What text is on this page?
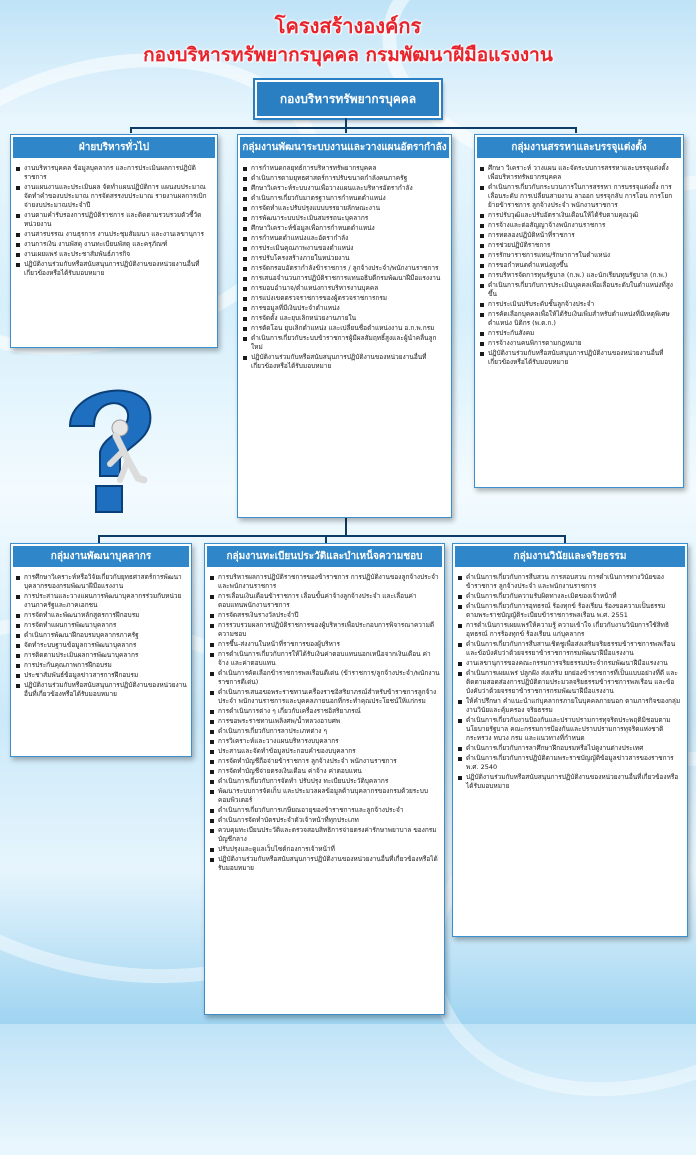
โครงสร้างองค์กร
กองบริหารทรัพยากรบุคคล กรมพัฒนาฝีมือแรงงาน
กองบริหารทรัพยากรบุคคล
ฝ่ายบริหารทั่วไป
งานบริหารบุคคล ข้อมูลบุคลากร และการประเมินผลการปฏิบัติราชการ
งานแผนงานและประเมินผล จัดทำแผนปฏิบัติการ แผนงบประมาณ จัดทำคำของบประมาณ การจัดสรรงบประมาณ รายงานผลการเบิกจ่ายงบประมาณประจำปี
งานตามคำรับรองการปฏิบัติราชการ และติดตามรวบรวมตัวชี้วัดหน่วยงาน
งานสารบรรณ งานธุรการ งานประชุมสัมมนา และงานเลขานุการ
งานการเงิน งานพัสดุ งานทะเบียนพัสดุ และครุภัณฑ์
งานเผยแพร่ และประชาสัมพันธ์ภารกิจ
ปฏิบัติงานร่วมกับหรือสนับสนุนการปฏิบัติงานของหน่วยงานอื่นที่เกี่ยวข้องหรือได้รับมอบหมาย
กลุ่มงานพัฒนาระบบงานและวางแผนอัตรากำลัง
การกำหนดกลยุทธ์การบริหารทรัพยากรบุคคล
ดำเนินการตามยุทธศาสตร์การปรับขนาดกำลังคนภาครัฐ
ศึกษาวิเคราะห์ระบบงานเพื่อวางแผนและบริหารอัตรากำลัง
ดำเนินการเกี่ยวกับมาตรฐานการกำหนดตำแหน่ง
การจัดทำและปรับปรุงแบบบรรยายลักษณะงาน
การพัฒนาระบบประเมินสมรรถนะบุคลากร
ศึกษาวิเคราะห์ข้อมูลเพื่อการกำหนดตำแหน่ง
การกำหนดตำแหน่งและอัตรากำลัง
การประเมินคุณภาพงานของตำแหน่ง
การปรับโครงสร้างภายในหน่วยงาน
การจัดกรอบอัตรากำลังข้าราชการ / ลูกจ้างประจำ/พนักงานราชการ
การเสนอจำนวนการปฏิบัติราชการแทนอธิบดีกรมพัฒนาฝีมือแรงงาน
การมอบอำนาจ/ตำแหน่งการบริหารงานบุคคล
การแบ่งเขตตรวจราชการของผู้ตรวจราชการกรม
การขอมูลที่มีเงินประจำตำแหน่ง
การจัดตั้ง และยุบเลิกหน่วยงานภายใน
การตัดโอน ยุบเลิกตำแหน่ง และเปลี่ยนชื่อตำแหน่งงาน อ.ก.พ.กรม
ดำเนินการเกี่ยวกับระบบข้าราชการผู้มีผลสัมฤทธิ์สูงและผู้นำคลื่นลูกใหม่
ปฏิบัติงานร่วมกับหรือสนับสนุนการปฏิบัติงานของหน่วยงานอื่นที่เกี่ยวข้องหรือได้รับมอบหมาย
กลุ่มงานสรรหาและบรรจุแต่งตั้ง
ศึกษา วิเคราะห์ วางแผน และจัดระบบการสรรหาและบรรจุแต่งตั้งเพื่อบริหารทรัพยากรบุคคล
ดำเนินการเกี่ยวกับกระบวนการในการสรรหา การบรรจุแต่งตั้ง การเลื่อนระดับ การเปลี่ยนสายงาน ลาออก บรรจุกลับ การโอน การโยกย้ายข้าราชการ ลูกจ้างประจำ พนักงานราชการ
การปรับวุฒิและปรับอัตราเงินเดือนให้ได้รับตามคุณวุฒิ
การจ้างและต่อสัญญาจ้างพนักงานราชการ
การทดลองปฏิบัติหน้าที่ราชการ
การช่วยปฏิบัติราชการ
การรักษาราชการแทน/รักษาการในตำแหน่ง
การขอกำหนดตำแหน่งสูงขึ้น
การบริหารจัดการทุนรัฐบาล (ก.พ.) และนักเรียนทุนรัฐบาล (ก.พ.)
ดำเนินการเกี่ยวกับการประเมินบุคคลเพื่อเลื่อนระดับในตำแหน่งที่สูงขึ้น
การประเมินปรับระดับชั้นลูกจ้างประจำ
การคัดเลือกบุคคลเพื่อให้ได้รับเงินเพิ่มสำหรับตำแหน่งที่มีเหตุพิเศษ ตำแหน่ง นิติกร (พ.ต.ก.)
การประกันสังคม
การจ้างงานคนพิการตามกฎหมาย
ปฏิบัติงานร่วมกับหรือสนับสนุนการปฏิบัติงานของหน่วยงานอื่นที่เกี่ยวข้องหรือได้รับมอบหมาย
กลุ่มงานพัฒนาบุคลากร
การศึกษาวิเคราะห์หรือวิจัยเกี่ยวกับยุทธศาสตร์การพัฒนาบุคลากรของกรมพัฒนาฝีมือแรงงาน
การประสานและวางแผนการพัฒนาบุคลากรร่วมกับหน่วยงานภาครัฐและภาคเอกชน
การจัดทำและพัฒนาหลักสูตรการฝึกอบรม
การจัดทำแผนการพัฒนาบุคลากร
ดำเนินการพัฒนาฝึกอบรมบุคลากรภาครัฐ
จัดทำระบบฐานข้อมูลการพัฒนาบุคลากร
การติดตามประเมินผลการพัฒนาบุคลากร
การประกันคุณภาพการฝึกอบรม
ประชาสัมพันธ์ข้อมูลข่าวสารการฝึกอบรม
ปฏิบัติงานร่วมกับหรือสนับสนุนการปฏิบัติงานของหน่วยงานอื่นที่เกี่ยวข้องหรือได้รับมอบหมาย
กลุ่มงานทะเบียนประวัติและบำเหน็จความชอบ
การบริหารผลการปฏิบัติราชการของข้าราชการ การปฏิบัติงานของลูกจ้างประจำ และพนักงานราชการ
การเลื่อนเงินเดือนข้าราชการ เลื่อนขั้นค่าจ้างลูกจ้างประจำ และเลื่อนค่าตอบแทนพนักงานราชการ
การจัดสรรเงินรางวัลประจำปี
การรวบรวมผลการปฏิบัติราชการของผู้บริหารเพื่อประกอบการพิจารณาความดีความชอบ
การขึ้น-ส่งงานในหน้าที่ราชการของผู้บริหาร
การดำเนินการเกี่ยวกับการให้ได้รับเงินค่าตอบแทนนอกเหนือจากเงินเดือน ค่าจ้าง และค่าตอบแทน
ดำเนินการคัดเลือกข้าราชการพลเรือนดีเด่น (ข้าราชการ/ลูกจ้างประจำ/พนักงานราชการดีเด่น)
ดำเนินการเสนอขอพระราชทานเครื่องราชอิสริยาภรณ์สำหรับข้าราชการลูกจ้างประจำ พนักงานราชการและบุคคลภายนอกที่กระทำคุณประโยชน์ให้แก่กรม
การดำเนินการต่าง ๆ เกี่ยวกับเครื่องราชอิสริยาภรณ์
การขอพระราชทานเพลิงศพ/น้ำหลวงอาบศพ
ดำเนินการเกี่ยวกับการลาประเภทต่าง ๆ
การวิเคราะห์และวางแผนบริหารงบบุคลากร
ประสานและจัดทำข้อมูลประกอบคำของบบุคลากร
การจัดทำบัญชีถือจ่ายข้าราชการ ลูกจ้างประจำ พนักงานราชการ
การจัดทำบัญชีจ่ายตรงเงินเดือน ค่าจ้าง ค่าตอบแทน
ดำเนินการเกี่ยวกับการจัดทำ ปรับปรุง ทะเบียนประวัติบุคลากร
พัฒนาระบบการจัดเก็บ และประมวลผลข้อมูลด้านบุคลากรของกรมด้วยระบบคอมพิวเตอร์
ดำเนินการเกี่ยวกับการเกษียณอายุของข้าราชการและลูกจ้างประจำ
ดำเนินการจัดทำบัตรประจำตัวเจ้าหน้าที่ทุกประเภท
ควบคุมทะเบียนประวัติและตรวจสอบสิทธิการจ่ายตรงค่ารักษาพยาบาล ของกรมบัญชีกลาง
ปรับปรุงและดูแลเว็บไซต์กองการเจ้าหน้าที่
ปฏิบัติงานร่วมกับหรือสนับสนุนการปฏิบัติงานของหน่วยงานอื่นที่เกี่ยวข้องหรือได้รับมอบหมาย
กลุ่มงานวินัยและจริยธรรม
ดำเนินการเกี่ยวกับการสืบสวน การสอบสวน การดำเนินการทางวินัยของข้าราชการ ลูกจ้างประจำ และพนักงานราชการ
ดำเนินการเกี่ยวกับความรับผิดทางละเมิดของเจ้าหน้าที่
ดำเนินการเกี่ยวกับการอุทธรณ์ ร้องทุกข์ ร้องเรียน ร้องขอความเป็นธรรม ตามพระราชบัญญัติระเบียบข้าราชการพลเรือน พ.ศ. 2551
การดำเนินการเผยแพร่ให้ความรู้ ความเข้าใจ เกี่ยวกับงานวินัยการใช้สิทธิอุทธรณ์ การร้องทุกข์ ร้องเรียน แก่บุคลากร
ดำเนินการเกี่ยวกับการสืบสานเชิดชูเพื่อส่งเสริมจริยธรรมข้าราชการพลเรือนและข้อบังคับว่าด้วยจรรยาข้าราชการกรมพัฒนาฝีมือแรงงาน
งานเลขานุการของคณะกรรมการจริยธรรมประจำกรมพัฒนาฝีมือแรงงาน
ดำเนินการเผยแพร่ ปลูกฝัง ส่งเสริม ยกย่องข้าราชการที่เป็นแบบอย่างที่ดี และติดตามสอดส่องการปฏิบัติตามประมวลจริยธรรมข้าราชการพลเรือน และข้อบังคับว่าด้วยจรรยาข้าราชการกรมพัฒนาฝีมือแรงงาน
ให้คำปรึกษา คำแนะนำแก่บุคลากรภายในบุคคลภายนอก ตามภารกิจของกลุ่มงานวินัยและคุ้มครอง จริยธรรม
ดำเนินการเกี่ยวกับงานป้องกันและปราบปรามการทุจริตประพฤติมิชอบตามนโยบายรัฐบาล คณะกรรมการป้องกันและปราบปรามการทุจริตแห่งชาติ กระทรวง ทบวง กรม และแนวทางที่กำหนด
ดำเนินการเกี่ยวกับการลาศึกษาฝึกอบรมหรือไปดูงานต่างประเทศ
ดำเนินการเกี่ยวกับการปฏิบัติตามพระราชบัญญัติข้อมูลข่าวสารของราชการ พ.ศ. 2540
ปฏิบัติงานร่วมกับหรือสนับสนุนการปฏิบัติงานของหน่วยงานอื่นที่เกี่ยวข้องหรือได้รับมอบหมาย
